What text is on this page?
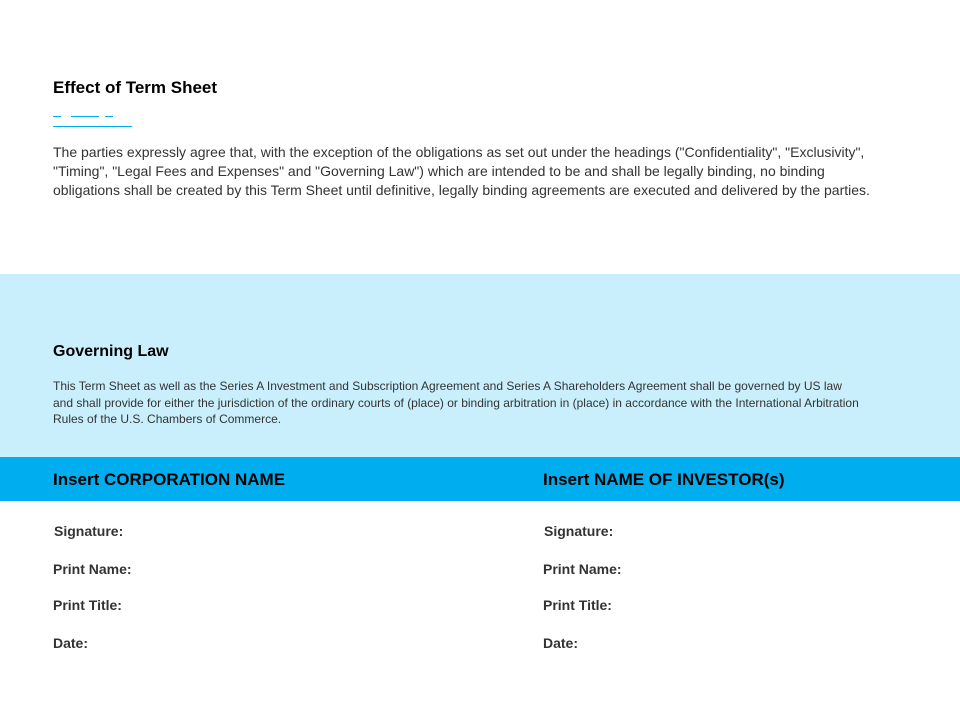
Effect of Term Sheet

The parties expressly agree that, with the exception of the obligations as set out under the headings ("Confidentiality", "Exclusivity", "Timing", "Legal Fees and Expenses" and "Governing Law") which are intended to be and shall be legally binding, no binding obligations shall be created by this Term Sheet until definitive, legally binding agreements are executed and delivered by the parties.

Governing Law

This Term Sheet as well as the Series A Investment and Subscription Agreement and Series A Shareholders Agreement shall be governed by US law and shall provide for either the jurisdiction of the ordinary courts of (place) or binding arbitration in (place) in accordance with the International Arbitration Rules of the U.S. Chambers of Commerce.

Insert CORPORATION NAME	Insert NAME OF INVESTOR(s)
Signature:
Print Name:
Print Title:
Date:
Signature:
Print Name:
Print Title:
Date:
